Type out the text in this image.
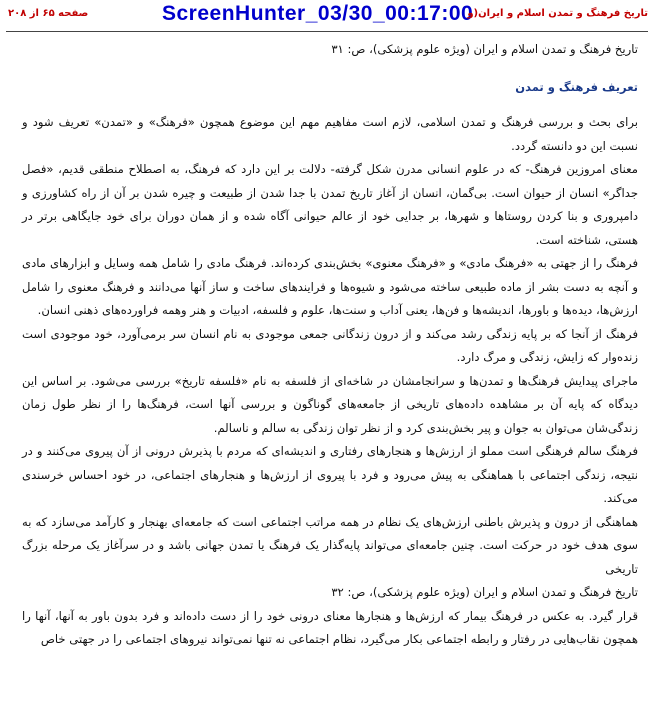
صفحه ۶۵ از ۲۰۸	ScreenHunter_03/30_00:17:00
تاریخ فرهنگ و تمدن اسلام و ایران(و

تاریخ فرهنگ و تمدن اسلام و ایران (ویژه علوم پزشکی)، ص: ۳۱

تعریف فرهنگ و تمدن

برای بحث و بررسی فرهنگ و تمدن اسلامی، لازم است مفاهیم مهم این موضوع همچون «فرهنگ» و «تمدن» تعریف شود و نسبت این دو دانسته گردد.

معنای امروزین فرهنگ- که در علوم انسانی مدرن شکل گرفته- دلالت بر این دارد که فرهنگ، به اصطلاح منطقی قدیم، «فصل جداگر» انسان از حیوان است. بی‌گمان، انسان از آغاز تاریخ تمدن با جدا شدن از طبیعت و چیره شدن بر آن از راه کشاورزی و دامپروری و بنا کردن روستاها و شهرها، بر جدایی خود از عالم حیوانی آگاه شده و از همان دوران برای خود جایگاهی برتر در هستی، شناخته است.

فرهنگ را از جهتی به «فرهنگ مادی» و «فرهنگ معنوی» بخش‌بندی کرده‌اند. فرهنگ مادی را شامل همه وسایل و ابزارهای مادی و آنچه به دست بشر از ماده طبیعی ساخته می‌شود و شیوه‌ها و فرایندهای ساخت و ساز آنها می‌دانند و فرهنگ معنوی را شامل ارزش‌ها، دیده‌ها و باورها، اندیشه‌ها و فن‌ها، یعنی آداب و سنت‌ها، علوم و فلسفه، ادبیات و هنر وهمه فراورده‌های ذهنی انسان.

فرهنگ از آنجا که بر پایه زندگی رشد می‌کند و از درون زندگانی جمعی موجودی به نام انسان سر برمی‌آورد، خود موجودی است زنده‌وار که زایش، زندگی و مرگ دارد.

ماجرای پیدایش فرهنگ‌ها و تمدن‌ها و سرانجامشان در شاخه‌ای از فلسفه به نام «فلسفه تاریخ» بررسی می‌شود. بر اساس این دیدگاه که پایه آن بر مشاهده داده‌های تاریخی از جامعه‌های گوناگون و بررسی آنها است، فرهنگ‌ها را از نظر طول زمان زندگی‌شان می‌توان به جوان و پیر بخش‌بندی کرد و از نظر توان زندگی به سالم و ناسالم.

فرهنگ سالم فرهنگی است مملو از ارزش‌ها و هنجارهای رفتاری و اندیشه‌ای که مردم با پذیرش درونی از آن پیروی می‌کنند و در نتیجه، زندگی اجتماعی با هماهنگی به پیش می‌رود و فرد با پیروی از ارزش‌ها و هنجارهای اجتماعی، در خود احساس خرسندی می‌کند.

هماهنگی از درون و پذیرش باطنی ارزش‌های یک نظام در همه مراتب اجتماعی است که جامعه‌ای بهنجار و کارآمد می‌سازد که به سوی هدف خود در حرکت است. چنین جامعه‌ای می‌تواند پایه‌گذار یک فرهنگ یا تمدن جهانی باشد و در سرآغاز یک مرحله بزرگ تاریخی

تاریخ فرهنگ و تمدن اسلام و ایران (ویژه علوم پزشکی)، ص: ۳۲

قرار گیرد. به عکس در فرهنگ بیمار که ارزش‌ها و هنجارها معنای درونی خود را از دست داده‌اند و فرد بدون باور به آنها، آنها را همچون نقاب‌هایی در رفتار و رابطه اجتماعی بکار می‌گیرد، نظام اجتماعی نه تنها نمی‌تواند نیروهای اجتماعی را در جهتی خاص
